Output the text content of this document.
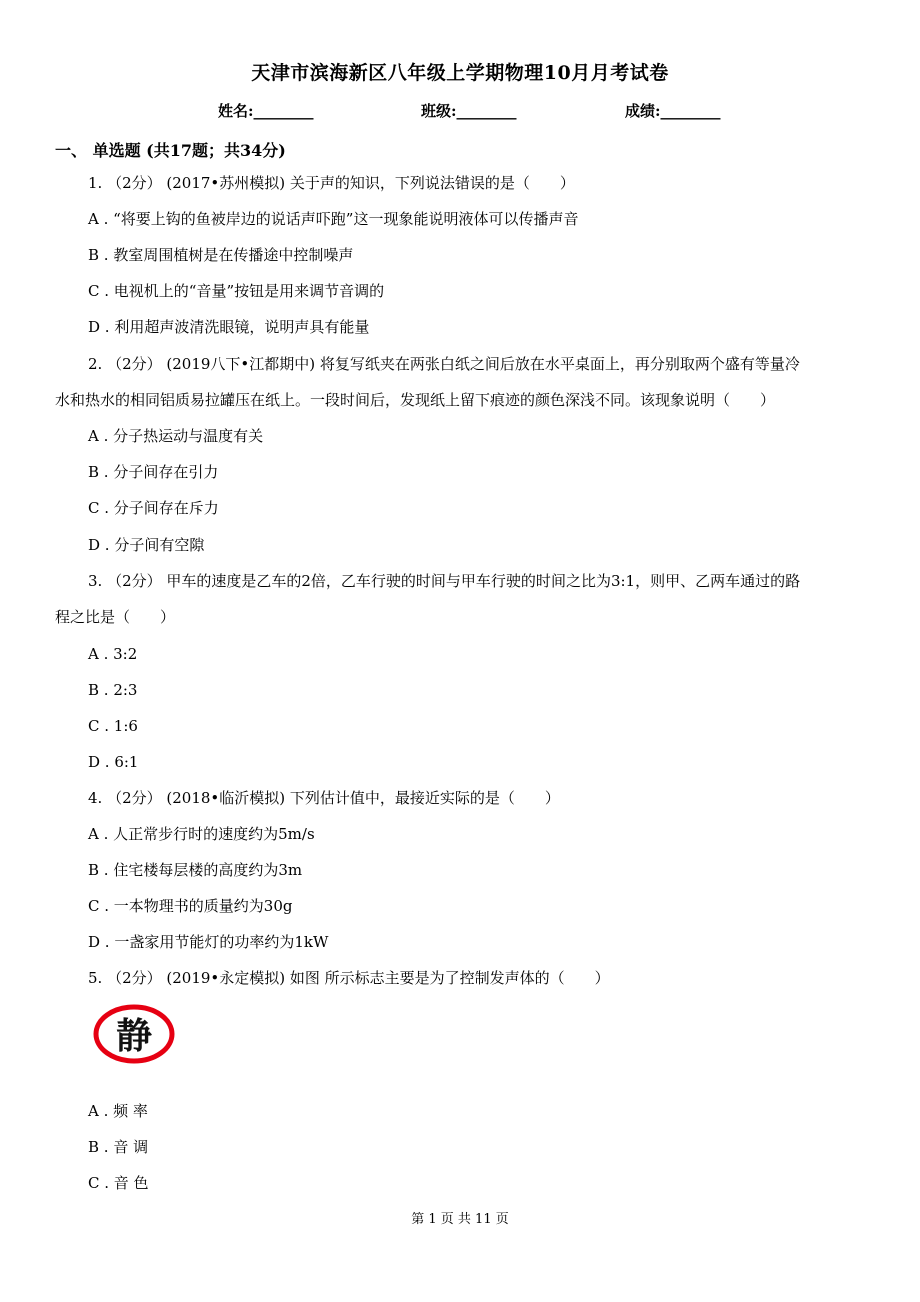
天津市滨海新区八年级上学期物理10月月考试卷
姓名:________	班级:________	成绩:________
一、 单选题 (共17题；共34分)
1. （2分） (2017•苏州模拟) 关于声的知识，下列说法错误的是（　　）
A . “将要上钩的鱼被岸边的说话声吓跑”这一现象能说明液体可以传播声音
B . 教室周围植树是在传播途中控制噪声
C . 电视机上的“音量”按钮是用来调节音调的
D . 利用超声波清洗眼镜，说明声具有能量
2. （2分） (2019八下•江都期中) 将复写纸夹在两张白纸之间后放在水平桌面上，再分别取两个盛有等量冷
水和热水的相同铝质易拉罐压在纸上。一段时间后，发现纸上留下痕迹的颜色深浅不同。该现象说明（　　）
A . 分子热运动与温度有关
B . 分子间存在引力
C . 分子间存在斥力
D . 分子间有空隙
3. （2分） 甲车的速度是乙车的2倍，乙车行驶的时间与甲车行驶的时间之比为3:1，则甲、乙两车通过的路
程之比是（　　）
A . 3:2
B . 2:3
C . 1:6
D . 6:1
4. （2分） (2018•临沂模拟) 下列估计值中，最接近实际的是（　　）
A . 人正常步行时的速度约为5m/s
B . 住宅楼每层楼的高度约为3m
C . 一本物理书的质量约为30g
D . 一盏家用节能灯的功率约为1kW
5. （2分） (2019•永定模拟) 如图 所示标志主要是为了控制发声体的（　　）
静
A . 频 率
B . 音 调
C . 音 色
第 1 页 共 11 页
